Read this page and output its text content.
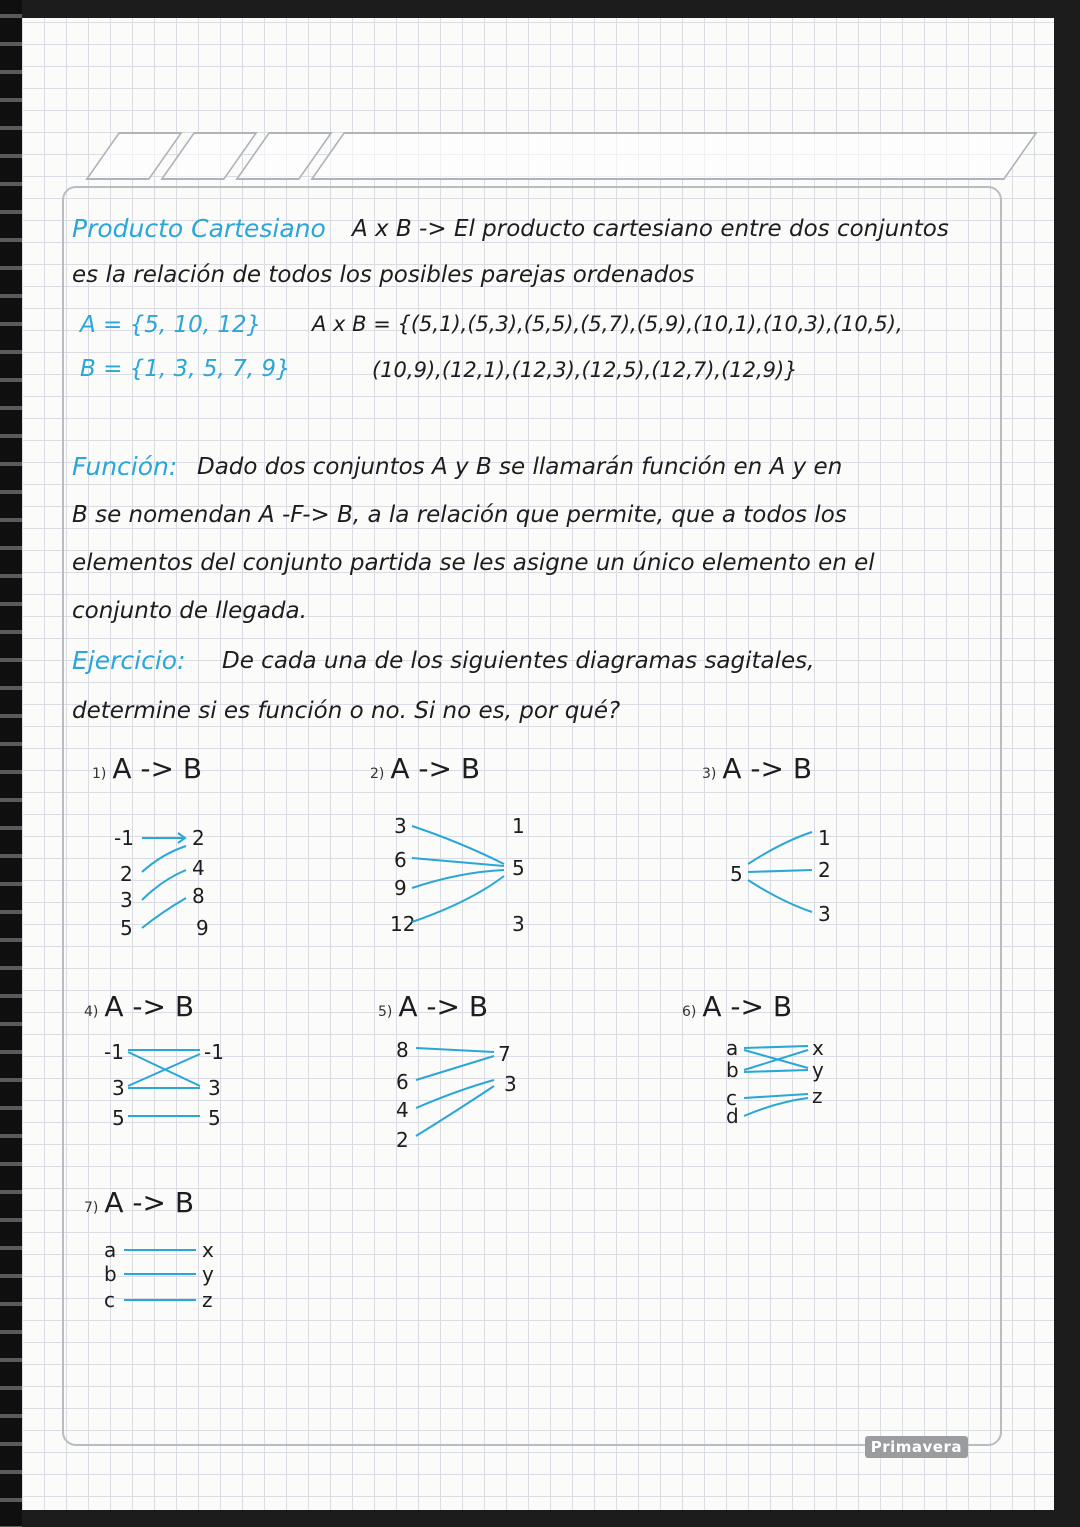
Producto Cartesiano A x B -> El producto cartesiano entre dos conjuntos
es la relación de todos los posibles parejas ordenados
A = {5, 10, 12}
B = {1, 3, 5, 7, 9}
A x B = {(5,1),(5,3),(5,5),(5,7),(5,9),(10,1),(10,3),(10,5),
(10,9),(12,1),(12,3),(12,5),(12,7),(12,9)}
Función: Dado dos conjuntos A y B se llamarán función en A y en
B se nomendan A -F-> B, a la relación que permite, que a todos los
elementos del conjunto partida se les asigne un único elemento en el
conjunto de llegada.
Ejercicio: De cada una de los siguientes diagramas sagitales,
determine si es función o no. Si no es, por qué?
1) A -> B
-1
2
3
5
2
4
8
9
2) A -> B
3
6
9
12
1
5
3
3) A -> B
5
1
2
3
4) A -> B
-1
3
5
-1
3
5
5) A -> B
8
6
4
2
7
3
6) A -> B
a
b
c
d
x
y
z
7) A -> B
a
b
c
x
y
z
Primavera
